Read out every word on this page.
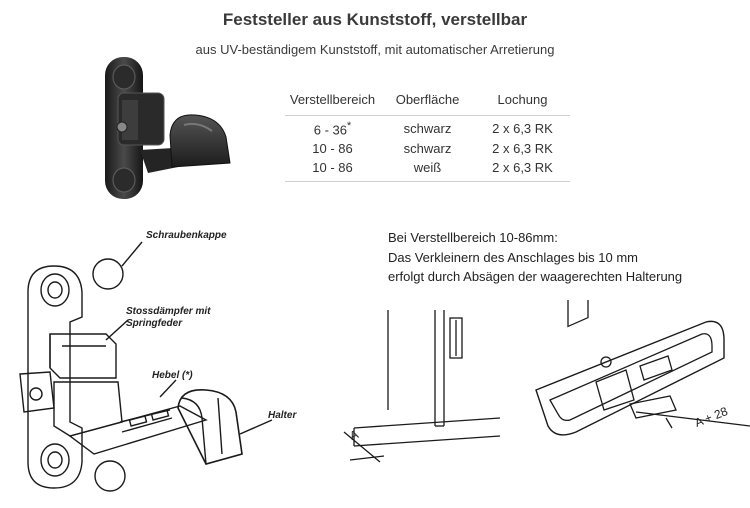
Feststeller aus Kunststoff, verstellbar
aus UV-beständigem Kunststoff, mit automatischer Arretierung
Verstellbereich	Oberfläche	Lochung
6 - 36*	schwarz	2 x 6,3 RK
10 - 86	schwarz	2 x 6,3 RK
10 - 86	weiß	2 x 6,3 RK
Bei Verstellbereich 10-86mm:
Das Verkleinern des Anschlages bis 10 mm
erfolgt durch Absägen der waagerechten Halterung
Schraubenkappe
Stossdämpfer mit
Springfeder
Hebel (*)
Halter
A
A + 28
